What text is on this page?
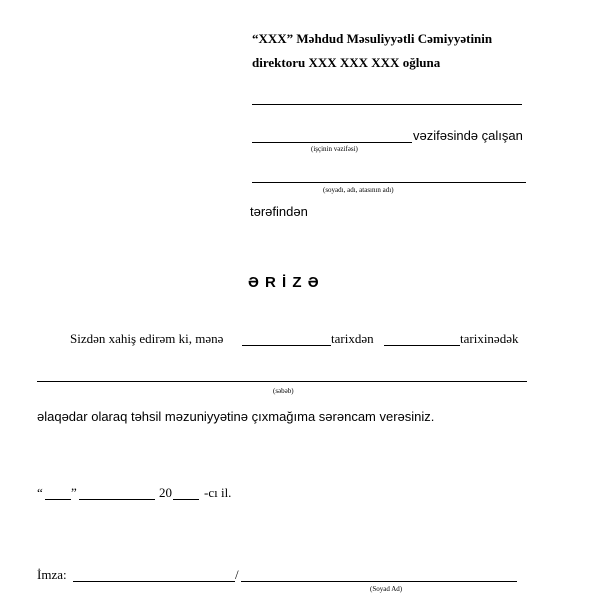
“XXX” Məhdud Məsuliyyətli Cəmiyyətinin
direktoru XXX XXX XXX oğluna
vəzifəsində çalışan
(işçinin vəzifəsi)
(soyadı, adı, atasının adı)
tərəfindən
Ə R İ Z Ə
Sizdən xahiş edirəm ki, mənə	tarixdən	tarixinədək
(səbəb)
əlaqədar olaraq təhsil məzuniyyətinə çıxmağıma sərəncam verəsiniz.
“ ”	20 -cı il.
İmza:	/
(Soyad Ad)
